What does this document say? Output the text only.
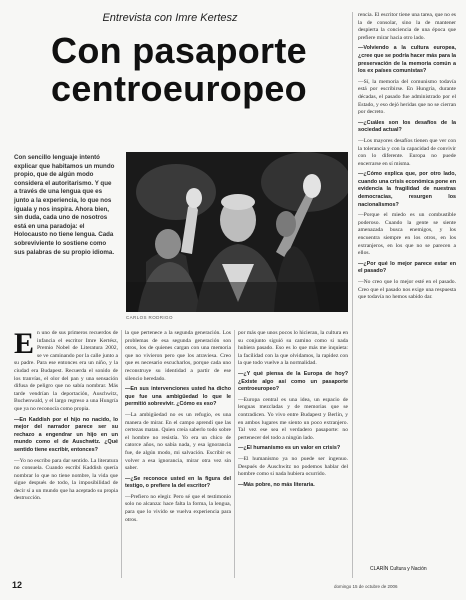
Entrevista con Imre Kertesz
Con pasaporte centroeuropeo
Con sencillo lenguaje intentó explicar que habitamos un mundo propio, que de algún modo considera el autoritarismo. Y que a través de una lengua que es junto a la experiencia, lo que nos iguala y nos inspira. Ahora bien, sin duda, cada uno de nosotros está en una paradoja: el Holocausto no tiene lengua. Cada sobreviviente lo sostiene como sus palabras de su propio idioma.
CARLOS RODRIGO

En uno de sus primeros recuerdos de infancia el escritor Imre Kertész, Premio Nobel de Literatura 2002, se ve caminando por la calle junto a su padre. Para ese entonces era un niño, y la ciudad era Budapest. Recuerda el sonido de los tranvías, el olor del pan y una sensación difusa de peligro que no sabía nombrar. Más tarde vendrían la deportación, Auschwitz, Buchenwald, y el largo regreso a una Hungría que ya no reconocía como propia.

—En Kaddish por el hijo no nacido, lo mejor del narrador parece ser su rechazo a engendrar un hijo en un mundo como el de Auschwitz. ¿Qué sentido tiene escribir, entonces?

—Yo no escribo para dar sentido. La literatura no consuela. Cuando escribí Kaddish quería nombrar lo que no tiene nombre, la vida que sigue después de todo, la imposibilidad de decir sí a un mundo que ha aceptado su propia destrucción.

la que pertenece a la segunda generación. Los problemas de esa segunda generación son otros, los de quienes cargan con una memoria que no vivieron pero que los atraviesa. Creo que es necesario escucharlos, porque cada uno reconstruye su identidad a partir de ese silencio heredado.

—En sus intervenciones usted ha dicho que fue una ambigüedad lo que le permitió sobrevivir. ¿Cómo es eso?

—La ambigüedad no es un refugio, es una manera de mirar. En el campo aprendí que las certezas matan. Quien creía saberlo todo sobre el hombre no resistía. Yo era un chico de catorce años, no sabía nada, y esa ignorancia fue, de algún modo, mi salvación. Escribir es volver a esa ignorancia, mirar otra vez sin saber.

—¿Se reconoce usted en la figura del testigo, o prefiere la del escritor?

—Prefiero no elegir. Pero sé que el testimonio solo no alcanza: hace falta la forma, la lengua, para que lo vivido se vuelva experiencia para otros.

por más que unos pocos lo hicieran, la cultura en su conjunto siguió su camino como si nada hubiera pasado. Eso es lo que más me inquieta: la facilidad con la que olvidamos, la rapidez con la que todo vuelve a la normalidad.

—¿Y qué piensa de la Europa de hoy? ¿Existe algo así como un pasaporte centroeuropeo?

—Europa central es una idea, un espacio de lenguas mezcladas y de memorias que se contradicen. Yo vivo entre Budapest y Berlín, y en ambos lugares me siento un poco extranjero. Tal vez ese sea el verdadero pasaporte: no pertenecer del todo a ningún lado.

—¿El humanismo es un valor en crisis?

—El humanismo ya no puede ser ingenuo. Después de Auschwitz no podemos hablar del hombre como si nada hubiera ocurrido.

—Más pobre, no más literaria.

rencia. El escritor tiene una tarea, que no es la de consolar, sino la de mantener despierta la conciencia de una época que prefiere mirar hacia otro lado.

—Volviendo a la cultura europea, ¿cree que se podría hacer más para la preservación de la memoria común a los ex países comunistas?

—Sí, la memoria del comunismo todavía está por escribirse. En Hungría, durante décadas, el pasado fue administrado por el Estado, y eso dejó heridas que no se cierran por decreto.

—¿Cuáles son los desafíos de la sociedad actual?

—Los mayores desafíos tienen que ver con la tolerancia y con la capacidad de convivir con lo diferente. Europa no puede encerrarse en sí misma.

—¿Cómo explica que, por otro lado, cuando una crisis económica pone en evidencia la fragilidad de nuestras democracias, resurgen los nacionalismos?

—Porque el miedo es un combustible poderoso. Cuando la gente se siente amenazada busca enemigos, y los encuentra siempre en los otros, en los extranjeros, en los que no se parecen a ellos.

—¿Por qué lo mejor parece estar en el pasado?

—No creo que lo mejor esté en el pasado. Creo que el pasado nos exige una respuesta que todavía no hemos sabido dar.

12
CLARÍN Cultura y Nación
domingo 15 de octubre de 2006
